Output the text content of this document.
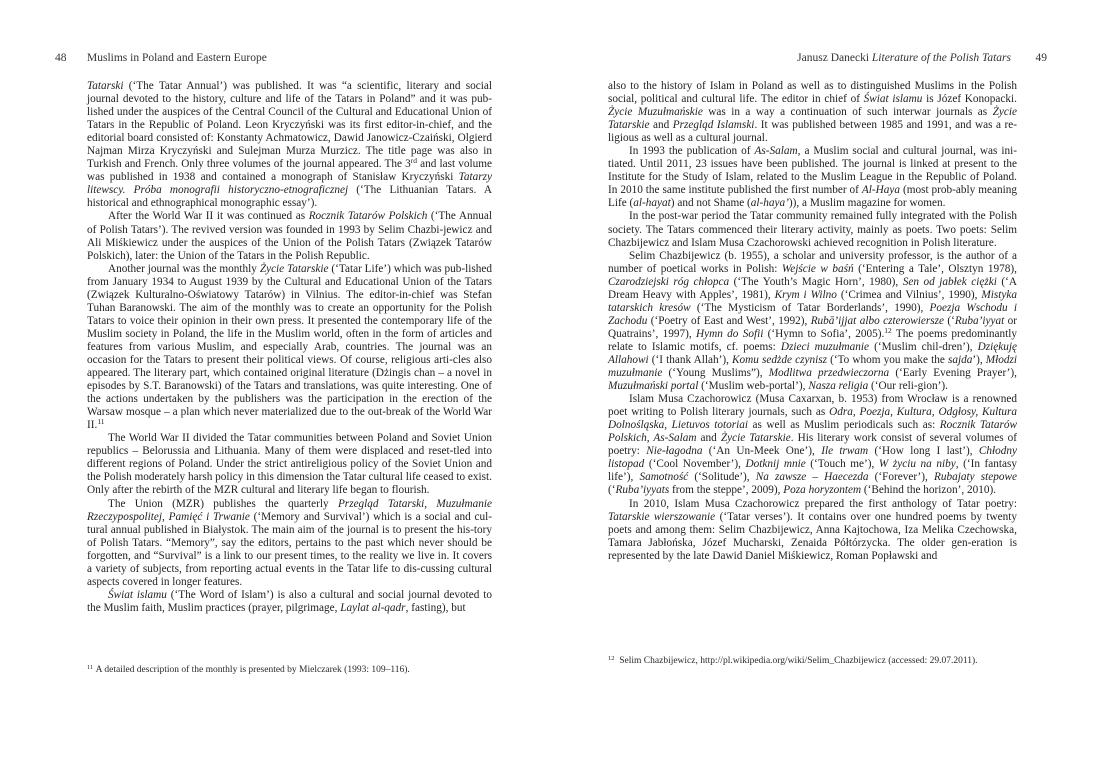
48 Muslims in Poland and Eastern Europe

Tatarski (‘The Tatar Annual’) was published. It was “a scientific, literary and social journal devoted to the history, culture and life of the Tatars in Poland” and it was pub-lished under the auspices of the Central Council of the Cultural and Educational Union of Tatars in the Republic of Poland. Leon Kryczyński was its first editor-in-chief, and the editorial board consisted of: Konstanty Achmatowicz, Dawid Janowicz-Czaiński, Olgierd Najman Mirza Kryczyński and Sulejman Murza Murzicz. The title page was also in Turkish and French. Only three volumes of the journal appeared. The 3rd and last volume was published in 1938 and contained a monograph of Stanisław Kryczyński Tatarzy litewscy. Próba monografii historyczno-etnograficznej (‘The Lithuanian Tatars. A historical and ethnographical monographic essay’).

After the World War II it was continued as Rocznik Tatarów Polskich (‘The Annual of Polish Tatars’). The revived version was founded in 1993 by Selim Chazbi-jewicz and Ali Miśkiewicz under the auspices of the Union of the Polish Tatars (Związek Tatarów Polskich), later: the Union of the Tatars in the Polish Republic.

Another journal was the monthly Życie Tatarskie (‘Tatar Life’) which was pub-lished from January 1934 to August 1939 by the Cultural and Educational Union of the Tatars (Związek Kulturalno-Oświatowy Tatarów) in Vilnius. The editor-in-chief was Stefan Tuhan Baranowski. The aim of the monthly was to create an opportunity for the Polish Tatars to voice their opinion in their own press. It presented the contemporary life of the Muslim society in Poland, the life in the Muslim world, often in the form of articles and features from various Muslim, and especially Arab, countries. The journal was an occasion for the Tatars to present their political views. Of course, religious arti-cles also appeared. The literary part, which contained original literature (Dżingis chan – a novel in episodes by S.T. Baranowski) of the Tatars and translations, was quite interesting. One of the actions undertaken by the publishers was the participation in the erection of the Warsaw mosque – a plan which never materialized due to the out-break of the World War II.$^{11}$

The World War II divided the Tatar communities between Poland and Soviet Union republics – Belorussia and Lithuania. Many of them were displaced and reset-tled into different regions of Poland. Under the strict antireligious policy of the Soviet Union and the Polish moderately harsh policy in this dimension the Tatar cultural life ceased to exist. Only after the rebirth of the MZR cultural and literary life began to flourish.

The Union (MZR) publishes the quarterly Przegląd Tatarski, Muzułmanie Rzeczypospolitej, Pamięć i Trwanie (‘Memory and Survival’) which is a social and cul-tural annual published in Białystok. The main aim of the journal is to present the his-tory of Polish Tatars. “Memory”, say the editors, pertains to the past which never should be forgotten, and “Survival” is a link to our present times, to the reality we live in. It covers a variety of subjects, from reporting actual events in the Tatar life to dis-cussing cultural aspects covered in longer features.

Świat islamu (‘The Word of Islam’) is also a cultural and social journal devoted to the Muslim faith, Muslim practices (prayer, pilgrimage, Laylat al-qadr, fasting), but

$^{11}$ A detailed description of the monthly is presented by Mielczarek (1993: 109–116).
Janusz Danecki Literature of the Polish Tatars 49

also to the history of Islam in Poland as well as to distinguished Muslims in the Polish social, political and cultural life. The editor in chief of Świat islamu is Józef Konopacki. Życie Muzułmańskie was in a way a continuation of such interwar journals as Życie Tatarskie and Przegląd Islamski. It was published between 1985 and 1991, and was a re-ligious as well as a cultural journal.

In 1993 the publication of As-Salam, a Muslim social and cultural journal, was ini-tiated. Until 2011, 23 issues have been published. The journal is linked at present to the Institute for the Study of Islam, related to the Muslim League in the Republic of Poland. In 2010 the same institute published the first number of Al-Haya (most prob-ably meaning Life (al-hayat) and not Shame (al-haya’)), a Muslim magazine for women.

In the post-war period the Tatar community remained fully integrated with the Polish society. The Tatars commenced their literary activity, mainly as poets. Two poets: Selim Chazbijewicz and Islam Musa Czachorowski achieved recognition in Polish literature.

Selim Chazbijewicz (b. 1955), a scholar and university professor, is the author of a number of poetical works in Polish: Wejście w baśń (‘Entering a Tale’, Olsztyn 1978), Czarodziejski róg chłopca (‘The Youth’s Magic Horn’, 1980), Sen od jabłek ciężki (‘A Dream Heavy with Apples’, 1981), Krym i Wilno (‘Crimea and Vilnius’, 1990), Mistyka tatarskich kresów (‘The Mysticism of Tatar Borderlands’, 1990), Poezja Wschodu i Zachodu (‘Poetry of East and West’, 1992), Rubā’ijjat albo czterowiersze (‘Ruba’iyyat or Quatrains’, 1997), Hymn do Sofii (‘Hymn to Sofia’, 2005).$^{12}$ The poems predominantly relate to Islamic motifs, cf. poems: Dzieci muzułmanie (‘Muslim chil-dren’), Dziękuję Allahowi (‘I thank Allah’), Komu sedżde czynisz (‘To whom you make the sajda’), Młodzi muzułmanie (‘Young Muslims”), Modlitwa przedwieczorna (‘Early Evening Prayer’), Muzułmański portal (‘Muslim web-portal’), Nasza religia (‘Our reli-gion’).

Islam Musa Czachorowicz (Musa Caxarxan, b. 1953) from Wrocław is a renowned poet writing to Polish literary journals, such as Odra, Poezja, Kultura, Odgłosy, Kultura Dolnośląska, Lietuvos totoriai as well as Muslim periodicals such as: Rocznik Tatarów Polskich, As-Salam and Życie Tatarskie. His literary work consist of several volumes of poetry: Nie-łagodna (‘An Un-Meek One’), Ile trwam (‘How long I last’), Chłodny listopad (‘Cool November’), Dotknij mnie (‘Touch me’), W życiu na niby, (‘In fantasy life’), Samotność (‘Solitude’), Na zawsze – Haecezda (‘Forever’), Rubajaty stepowe (‘Ruba’iyyats from the steppe’, 2009), Poza horyzontem (‘Behind the horizon’, 2010).

In 2010, Islam Musa Czachorowicz prepared the first anthology of Tatar poetry: Tatarskie wierszowanie (‘Tatar verses’). It contains over one hundred poems by twenty poets and among them: Selim Chazbijewicz, Anna Kajtochowa, Iza Melika Czechowska, Tamara Jabłońska, Józef Mucharski, Zenaida Półtórzycka. The older gen-eration is represented by the late Dawid Daniel Miśkiewicz, Roman Popławski and

$^{12}$ Selim Chazbijewicz, http://pl.wikipedia.org/wiki/Selim_Chazbijewicz (accessed: 29.07.2011).
